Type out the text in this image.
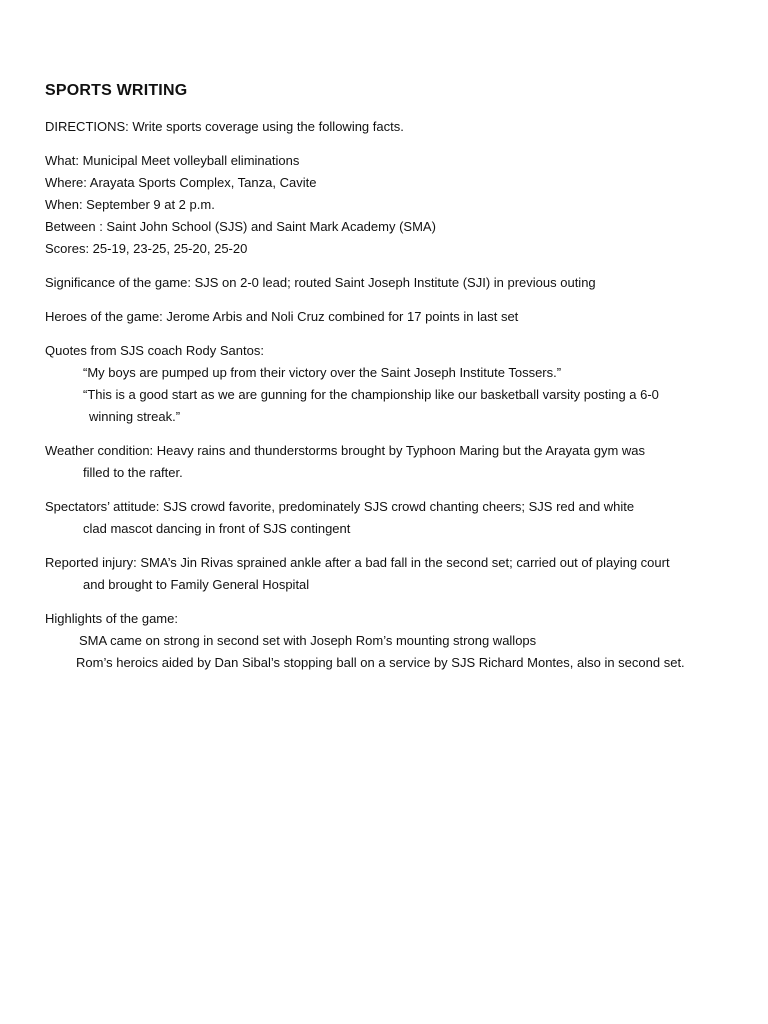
SPORTS WRITING
DIRECTIONS: Write sports coverage using the following facts.
What: Municipal Meet volleyball eliminations
Where: Arayata Sports Complex, Tanza, Cavite
When: September 9 at 2 p.m.
Between : Saint John School (SJS) and Saint Mark Academy (SMA)
Scores: 25-19, 23-25, 25-20, 25-20
Significance of the game: SJS on 2-0 lead; routed Saint Joseph Institute (SJI) in previous outing
Heroes of the game: Jerome Arbis and Noli Cruz combined for 17 points in last set
Quotes from SJS coach Rody Santos:
“My boys are pumped up from their victory over the Saint Joseph Institute Tossers.”
“This is a good start as we are gunning for the championship like our basketball varsity posting a 6-0
winning streak.”
Weather condition: Heavy rains and thunderstorms brought by Typhoon Maring but the Arayata gym was
filled to the rafter.
Spectators’ attitude: SJS crowd favorite, predominately SJS crowd chanting cheers; SJS red and white
clad mascot dancing in front of SJS contingent
Reported injury: SMA’s Jin Rivas sprained ankle after a bad fall in the second set; carried out of playing court
and brought to Family General Hospital
Highlights of the game:
SMA came on strong in second set with Joseph Rom’s mounting strong wallops
Rom’s heroics aided by Dan Sibal’s stopping ball on a service by SJS Richard Montes, also in second set.
